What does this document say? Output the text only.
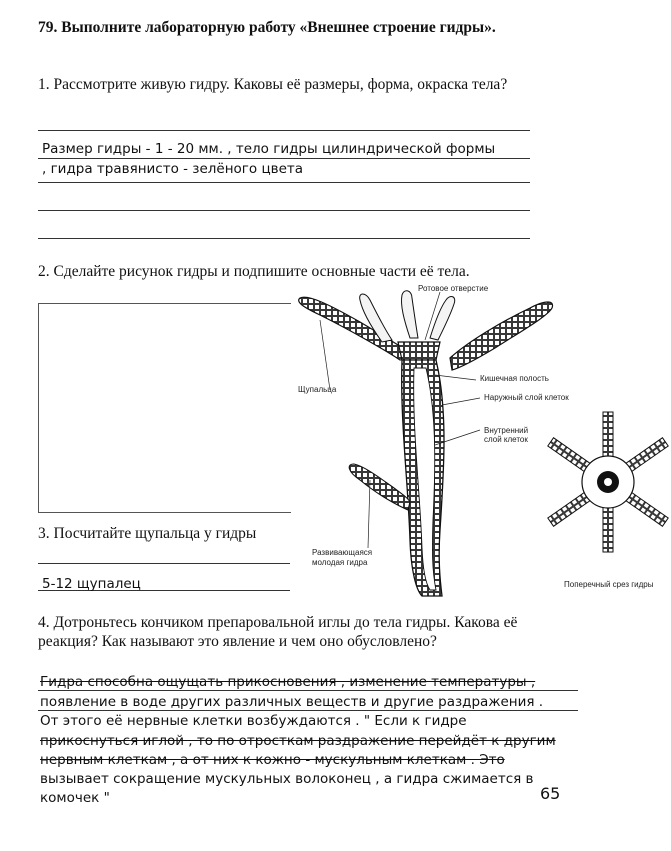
79. Выполните лабораторную работу «Внешнее строение гидры».
1. Рассмотрите живую гидру. Каковы её размеры, форма, окраска тела?
Размер гидры - 1 - 20 мм. , тело гидры цилиндрической формы
, гидра травянисто - зелёного цвета
2. Сделайте рисунок гидры и подпишите основные части её тела.
3. Посчитайте щупальца у гидры
5-12 щупалец
Ротовое отверстие
Щупальца
Кишечная полость
Наружный слой клеток
Внутренний слой клеток
Развивающаяся молодая гидра
Поперечный срез гидры
4. Дотроньтесь кончиком препаровальной иглы до тела гидры. Какова её реакция? Как называют это явление и чем оно обусловлено?
Гидра способна ощущать прикосновения , изменение температуры ,
появление в воде других различных веществ и другие раздражения .
От этого её нервные клетки возбуждаются . " Если к гидре
прикоснуться иглой , то по отросткам раздражение перейдёт к другим
нервным клеткам , а от них к кожно - мускульным клеткам . Это
вызывает сокращение мускульных волоконец , а гидра сжимается в
комочек "	65
